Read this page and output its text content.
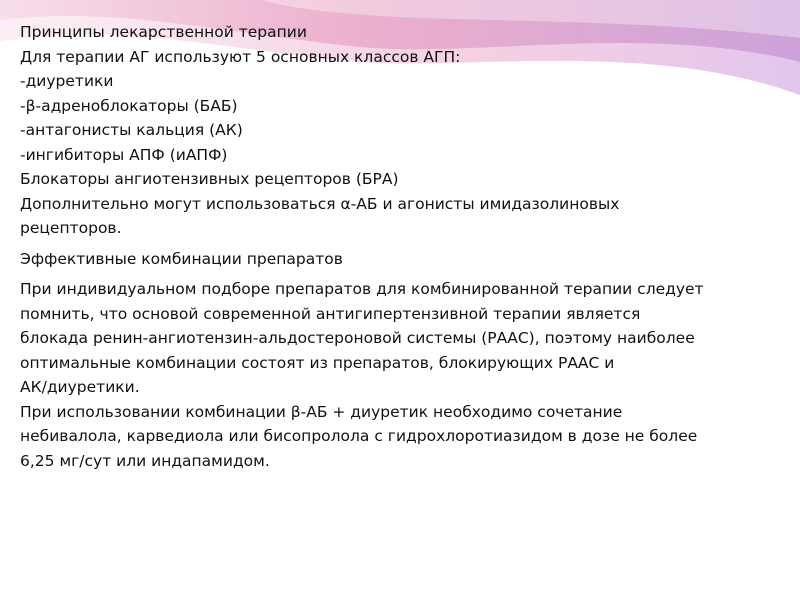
Принципы лекарственной терапии
Для терапии АГ используют 5 основных классов АГП:
-диуретики
-β-адреноблокаторы (БАБ)
-антагонисты кальция (АК)
-ингибиторы АПФ (иАПФ)
Блокаторы ангиотензивных рецепторов (БРА)
Дополнительно могут использоваться α-АБ и агонисты имидазолиновых
рецепторов.
Эффективные комбинации препаратов
При индивидуальном подборе препаратов для комбинированной терапии следует
помнить, что основой современной антигипертензивной терапии является
блокада ренин-ангиотензин-альдостероновой системы (РААС), поэтому наиболее
оптимальные комбинации состоят из препаратов, блокирующих РААС и
АК/диуретики.
При использовании комбинации β-АБ + диуретик необходимо сочетание
небивалола, карведиола или бисопролола с гидрохлоротиазидом в дозе не более
6,25 мг/сут или индапамидом.
